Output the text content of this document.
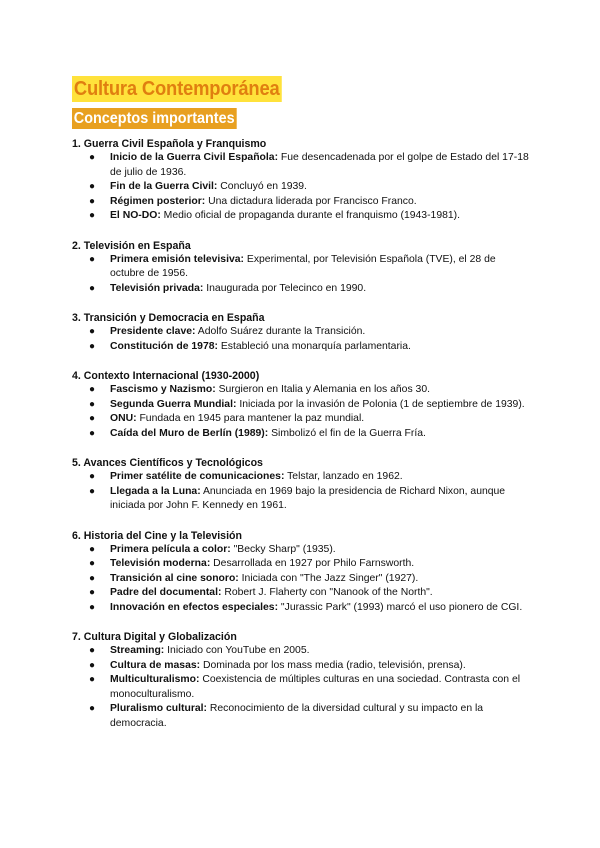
Cultura Contemporánea
Conceptos importantes
1. Guerra Civil Española y Franquismo
● Inicio de la Guerra Civil Española: Fue desencadenada por el golpe de Estado del 17-18 de julio de 1936.
● Fin de la Guerra Civil: Concluyó en 1939.
● Régimen posterior: Una dictadura liderada por Francisco Franco.
● El NO-DO: Medio oficial de propaganda durante el franquismo (1943-1981).
2. Televisión en España
● Primera emisión televisiva: Experimental, por Televisión Española (TVE), el 28 de octubre de 1956.
● Televisión privada: Inaugurada por Telecinco en 1990.
3. Transición y Democracia en España
● Presidente clave: Adolfo Suárez durante la Transición.
● Constitución de 1978: Estableció una monarquía parlamentaria.
4. Contexto Internacional (1930-2000)
● Fascismo y Nazismo: Surgieron en Italia y Alemania en los años 30.
● Segunda Guerra Mundial: Iniciada por la invasión de Polonia (1 de septiembre de 1939).
● ONU: Fundada en 1945 para mantener la paz mundial.
● Caída del Muro de Berlín (1989): Simbolizó el fin de la Guerra Fría.
5. Avances Científicos y Tecnológicos
● Primer satélite de comunicaciones: Telstar, lanzado en 1962.
● Llegada a la Luna: Anunciada en 1969 bajo la presidencia de Richard Nixon, aunque iniciada por John F. Kennedy en 1961.
6. Historia del Cine y la Televisión
● Primera película a color: "Becky Sharp" (1935).
● Televisión moderna: Desarrollada en 1927 por Philo Farnsworth.
● Transición al cine sonoro: Iniciada con "The Jazz Singer" (1927).
● Padre del documental: Robert J. Flaherty con "Nanook of the North".
● Innovación en efectos especiales: "Jurassic Park" (1993) marcó el uso pionero de CGI.
7. Cultura Digital y Globalización
● Streaming: Iniciado con YouTube en 2005.
● Cultura de masas: Dominada por los mass media (radio, televisión, prensa).
● Multiculturalismo: Coexistencia de múltiples culturas en una sociedad. Contrasta con el monoculturalismo.
● Pluralismo cultural: Reconocimiento de la diversidad cultural y su impacto en la democracia.
